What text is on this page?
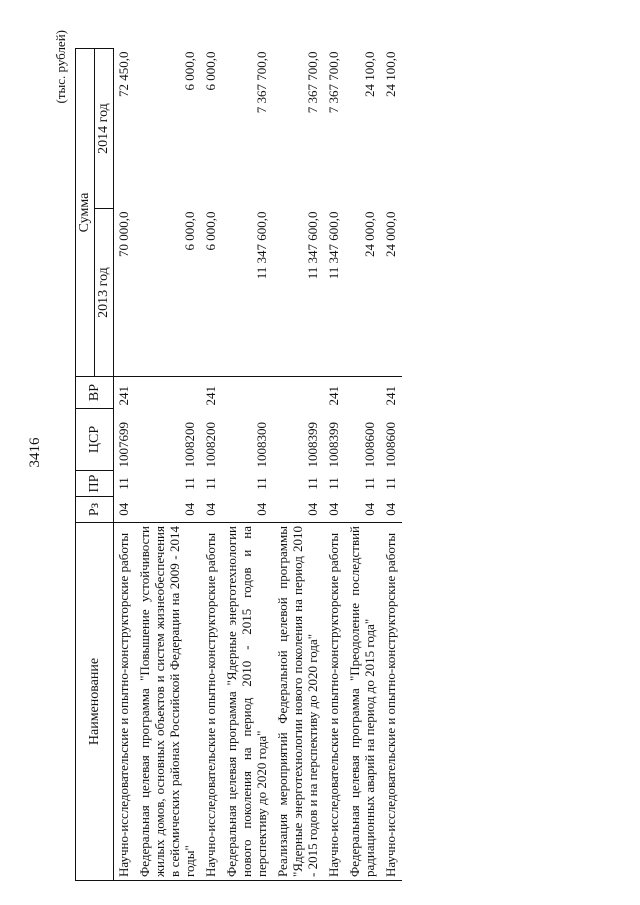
3416
(тыс. рублей)
Наименование	Рз	ПР	ЦСР	ВР	Сумма	
					2013 год	2014 год
Научно-исследовательские и опытно-конструкторские работы	04	11	1007699	241	70 000,0	72 450,0
Федеральная целевая программа "Повышение устойчивости жилых домов, основных объектов и систем жизнеобеспечения в сейсмических районах Российской Федерации на 2009 - 2014 годы"	04	11	1008200		6 000,0	6 000,0
Научно-исследовательские и опытно-конструкторские работы	04	11	1008200	241	6 000,0	6 000,0
Федеральная целевая программа "Ядерные энерготехнологии нового поколения на период 2010 - 2015 годов и на перспективу до 2020 года"	04	11	1008300		11 347 600,0	7 367 700,0
Реализация мероприятий Федеральной целевой программы "Ядерные энерготехнологии нового поколения на период 2010 - 2015 годов и на перспективу до 2020 года"	04	11	1008399		11 347 600,0	7 367 700,0
Научно-исследовательские и опытно-конструкторские работы	04	11	1008399	241	11 347 600,0	7 367 700,0
Федеральная целевая программа "Преодоление последствий радиационных аварий на период до 2015 года"	04	11	1008600		24 000,0	24 100,0
Научно-исследовательские и опытно-конструкторские работы	04	11	1008600	241	24 000,0	24 100,0
